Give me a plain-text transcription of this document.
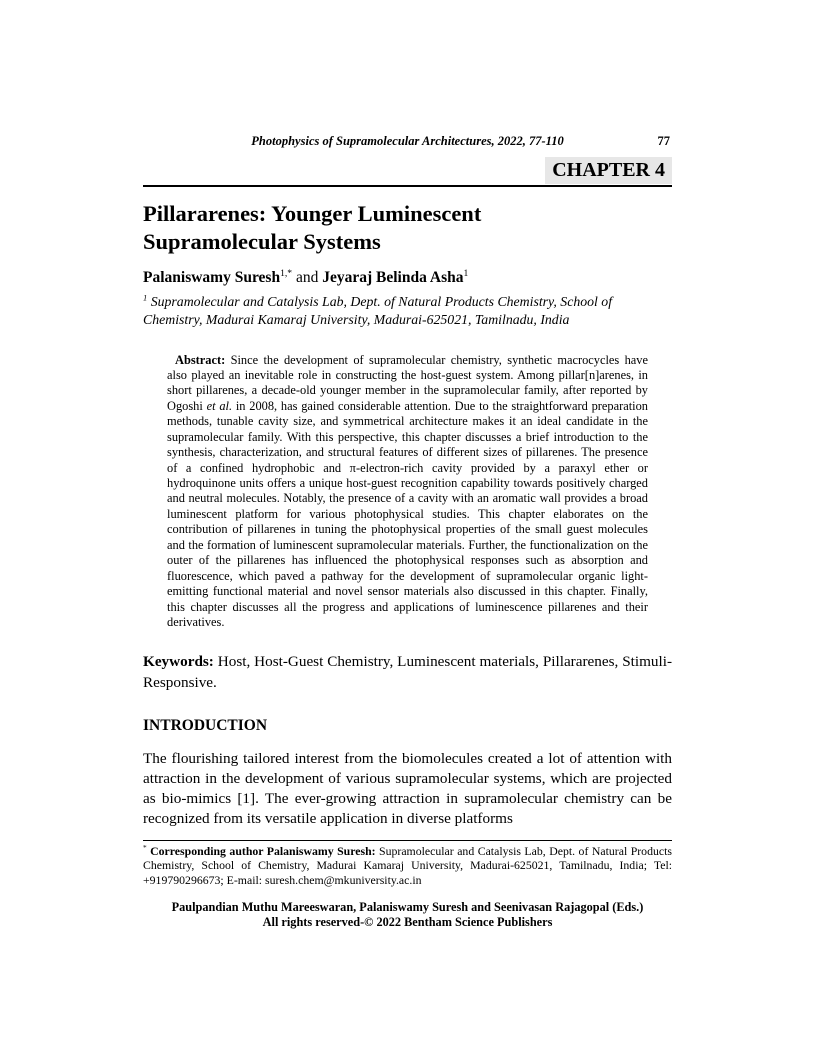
Photophysics of Supramolecular Architectures, 2022, 77-110	77
CHAPTER 4
Pillararenes: Younger Luminescent
Supramolecular Systems

Palaniswamy Suresh$^{1,*}$ and Jeyaraj Belinda Asha$^1$

$^1$ Supramolecular and Catalysis Lab, Dept. of Natural Products Chemistry, School of Chemistry, Madurai Kamaraj University, Madurai-625021, Tamilnadu, India

Abstract: Since the development of supramolecular chemistry, synthetic macrocycles have also played an inevitable role in constructing the host-guest system. Among pillar[n]arenes, in short pillarenes, a decade-old younger member in the supramolecular family, after reported by Ogoshi et al. in 2008, has gained considerable attention. Due to the straightforward preparation methods, tunable cavity size, and symmetrical architecture makes it an ideal candidate in the supramolecular family. With this perspective, this chapter discusses a brief introduction to the synthesis, characterization, and structural features of different sizes of pillarenes. The presence of a confined hydrophobic and π-electron-rich cavity provided by a paraxyl ether or hydroquinone units offers a unique host-guest recognition capability towards positively charged and neutral molecules. Notably, the presence of a cavity with an aromatic wall provides a broad luminescent platform for various photophysical studies. This chapter elaborates on the contribution of pillarenes in tuning the photophysical properties of the small guest molecules and the formation of luminescent supramolecular materials. Further, the functionalization on the outer of the pillarenes has influenced the photophysical responses such as absorption and fluorescence, which paved a pathway for the development of supramolecular organic light-emitting functional material and novel sensor materials also discussed in this chapter. Finally, this chapter discusses all the progress and applications of luminescence pillarenes and their derivatives.

Keywords: Host, Host-Guest Chemistry, Luminescent materials, Pillararenes, Stimuli-Responsive.

INTRODUCTION

The flourishing tailored interest from the biomolecules created a lot of attention with attraction in the development of various supramolecular systems, which are projected as bio-mimics [1]. The ever-growing attraction in supramolecular chemistry can be recognized from its versatile application in diverse platforms

* Corresponding author Palaniswamy Suresh: Supramolecular and Catalysis Lab, Dept. of Natural Products Chemistry, School of Chemistry, Madurai Kamaraj University, Madurai-625021, Tamilnadu, India; Tel: +919790296673; E-mail: suresh.chem@mkuniversity.ac.in

Paulpandian Muthu Mareeswaran, Palaniswamy Suresh and Seenivasan Rajagopal (Eds.)
All rights reserved-© 2022 Bentham Science Publishers
